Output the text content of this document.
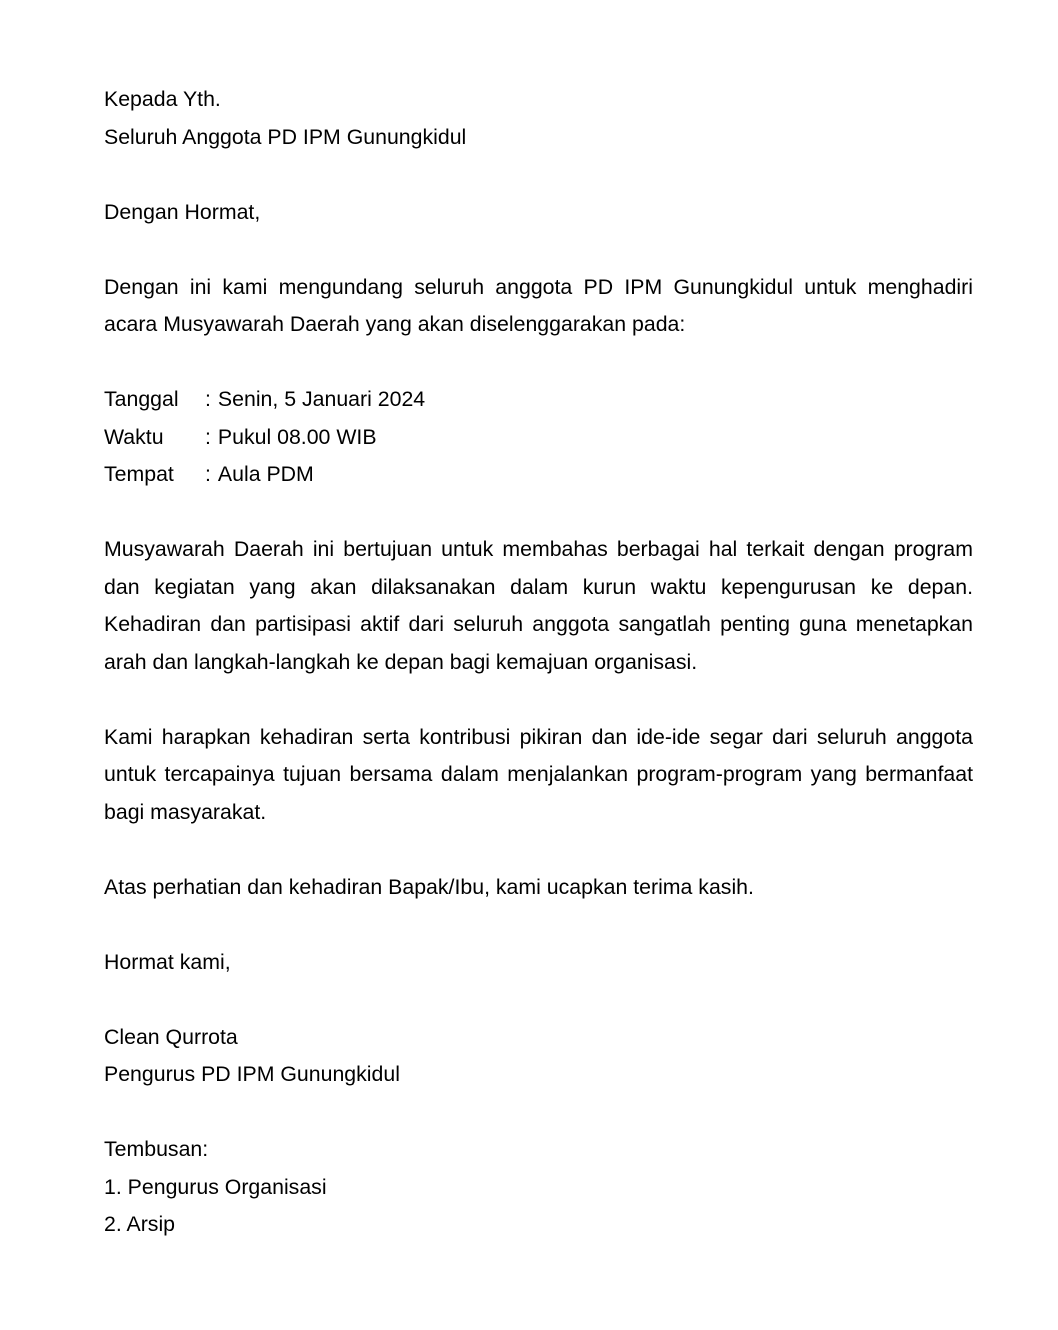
Kepada Yth.
Seluruh Anggota PD IPM Gunungkidul
Dengan Hormat,
Dengan ini kami mengundang seluruh anggota PD IPM Gunungkidul untuk menghadiri acara Musyawarah Daerah yang akan diselenggarakan pada:
Tanggal : Senin, 5 Januari 2024
Waktu : Pukul 08.00 WIB
Tempat : Aula PDM
Musyawarah Daerah ini bertujuan untuk membahas berbagai hal terkait dengan program dan kegiatan yang akan dilaksanakan dalam kurun waktu kepengurusan ke depan. Kehadiran dan partisipasi aktif dari seluruh anggota sangatlah penting guna menetapkan arah dan langkah-langkah ke depan bagi kemajuan organisasi.
Kami harapkan kehadiran serta kontribusi pikiran dan ide-ide segar dari seluruh anggota untuk tercapainya tujuan bersama dalam menjalankan program-program yang bermanfaat bagi masyarakat.
Atas perhatian dan kehadiran Bapak/Ibu, kami ucapkan terima kasih.
Hormat kami,
Clean Qurrota
Pengurus PD IPM Gunungkidul
Tembusan:
1. Pengurus Organisasi
2. Arsip
